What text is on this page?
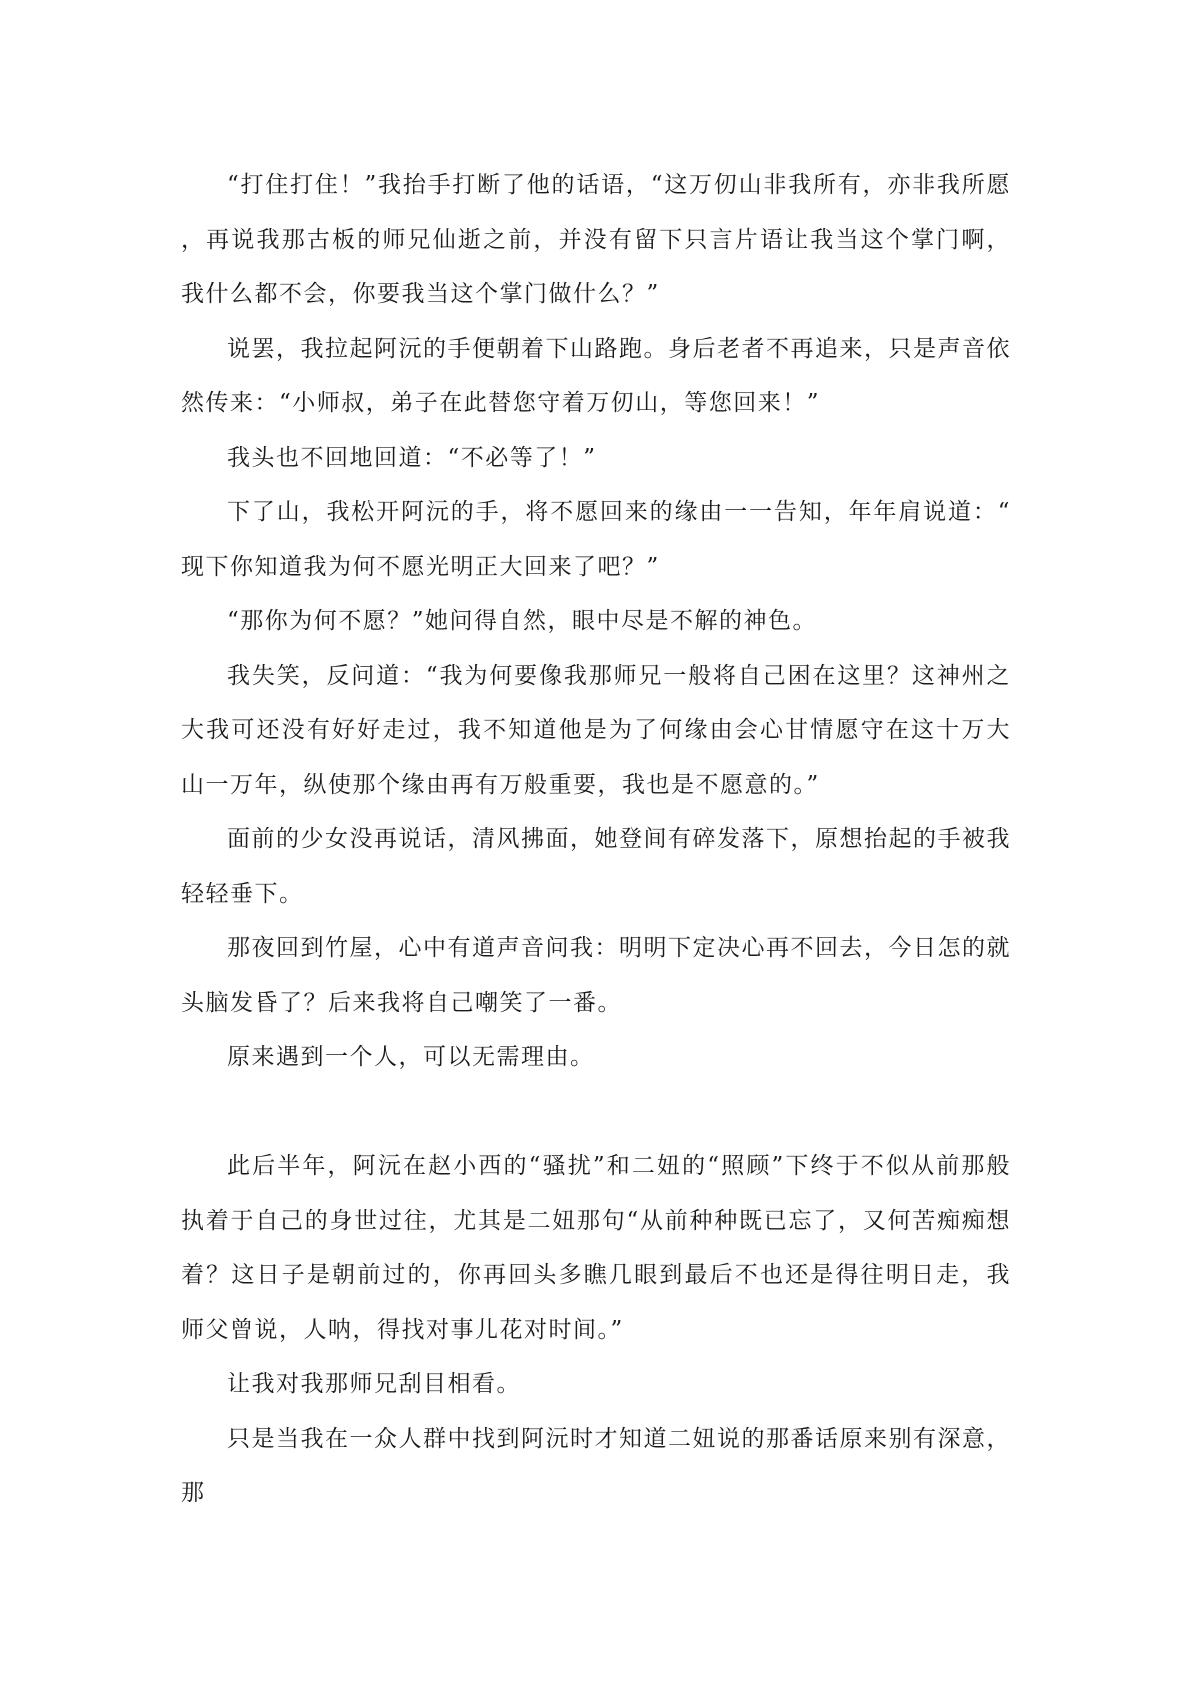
“打住打住！”我抬手打断了他的话语，“这万仞山非我所有，亦非我所愿，再说我那古板的师兄仙逝之前，并没有留下只言片语让我当这个掌门啊，我什么都不会，你要我当这个掌门做什么？”

说罢，我拉起阿沅的手便朝着下山路跑。身后老者不再追来，只是声音依然传来：“小师叔，弟子在此替您守着万仞山，等您回来！”

我头也不回地回道：“不必等了！”

下了山，我松开阿沅的手，将不愿回来的缘由一一告知，年年肩说道：“现下你知道我为何不愿光明正大回来了吧？”

“那你为何不愿？”她问得自然，眼中尽是不解的神色。

我失笑，反问道：“我为何要像我那师兄一般将自己困在这里？这神州之大我可还没有好好走过，我不知道他是为了何缘由会心甘情愿守在这十万大山一万年，纵使那个缘由再有万般重要，我也是不愿意的。”

面前的少女没再说话，清风拂面，她登间有碎发落下，原想抬起的手被我轻轻垂下。

那夜回到竹屋，心中有道声音问我：明明下定决心再不回去，今日怎的就头脑发昏了？后来我将自己嘲笑了一番。

原来遇到一个人，可以无需理由。

此后半年，阿沅在赵小西的“骚扰”和二妞的“照顾”下终于不似从前那般执着于自己的身世过往，尤其是二妞那句“从前种种既已忘了，又何苦痴痴想着？这日子是朝前过的，你再回头多瞧几眼到最后不也还是得往明日走，我师父曾说，人呐，得找对事儿花对时间。”

让我对我那师兄刮目相看。

只是当我在一众人群中找到阿沅时才知道二妞说的那番话原来别有深意，那
